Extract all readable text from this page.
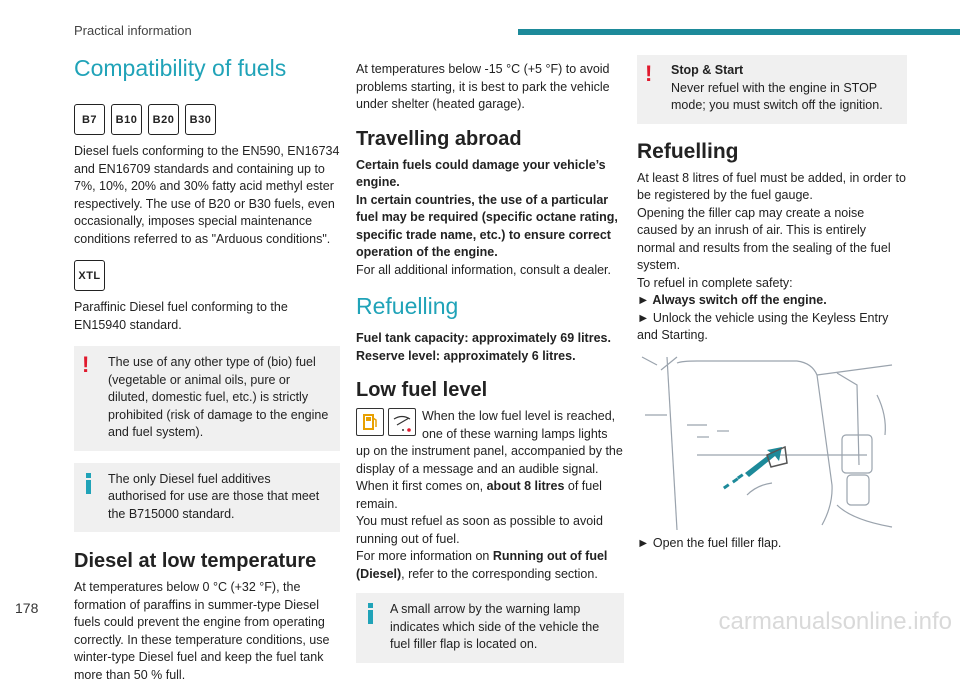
Practical information
Compatibility of fuels
B7	B10	B20	B30

Diesel fuels conforming to the EN590, EN16734 and EN16709 standards and containing up to 7%, 10%, 20% and 30% fatty acid methyl ester respectively. The use of B20 or B30 fuels, even occasionally, imposes special maintenance conditions referred to as "Arduous conditions".

XTL

Paraffinic Diesel fuel conforming to the EN15940 standard.

!	The use of any other type of (bio) fuel (vegetable or animal oils, pure or diluted, domestic fuel, etc.) is strictly prohibited (risk of damage to the engine and fuel system).

The only Diesel fuel additives authorised for use are those that meet the B715000 standard.

Diesel at low temperature

At temperatures below 0 °C (+32 °F), the formation of paraffins in summer-type Diesel fuels could prevent the engine from operating correctly. In these temperature conditions, use winter-type Diesel fuel and keep the fuel tank more than 50 % full.

At temperatures below -15 °C (+5 °F) to avoid problems starting, it is best to park the vehicle under shelter (heated garage).

Travelling abroad

Certain fuels could damage your vehicle’s engine.

In certain countries, the use of a particular fuel may be required (specific octane rating, specific trade name, etc.) to ensure correct operation of the engine.

For all additional information, consult a dealer.

Refuelling

Fuel tank capacity: approximately 69 litres.

Reserve level: approximately 6 litres.

Low fuel level

When the low fuel level is reached, one of these warning lamps lights up on the instrument panel, accompanied by the display of a message and an audible signal.

When it first comes on, about 8 litres of fuel remain.

You must refuel as soon as possible to avoid running out of fuel.

For more information on Running out of fuel (Diesel), refer to the corresponding section.

A small arrow by the warning lamp indicates which side of the vehicle the fuel filler flap is located on.

!	Stop & Start

Never refuel with the engine in STOP mode; you must switch off the ignition.

Refuelling

At least 8 litres of fuel must be added, in order to be registered by the fuel gauge.

Opening the filler cap may create a noise caused by an inrush of air. This is entirely normal and results from the sealing of the fuel system.

To refuel in complete safety:

► Always switch off the engine.

► Unlock the vehicle using the Keyless Entry and Starting.

► Open the fuel filler flap.

178	carmanualsonline.info
